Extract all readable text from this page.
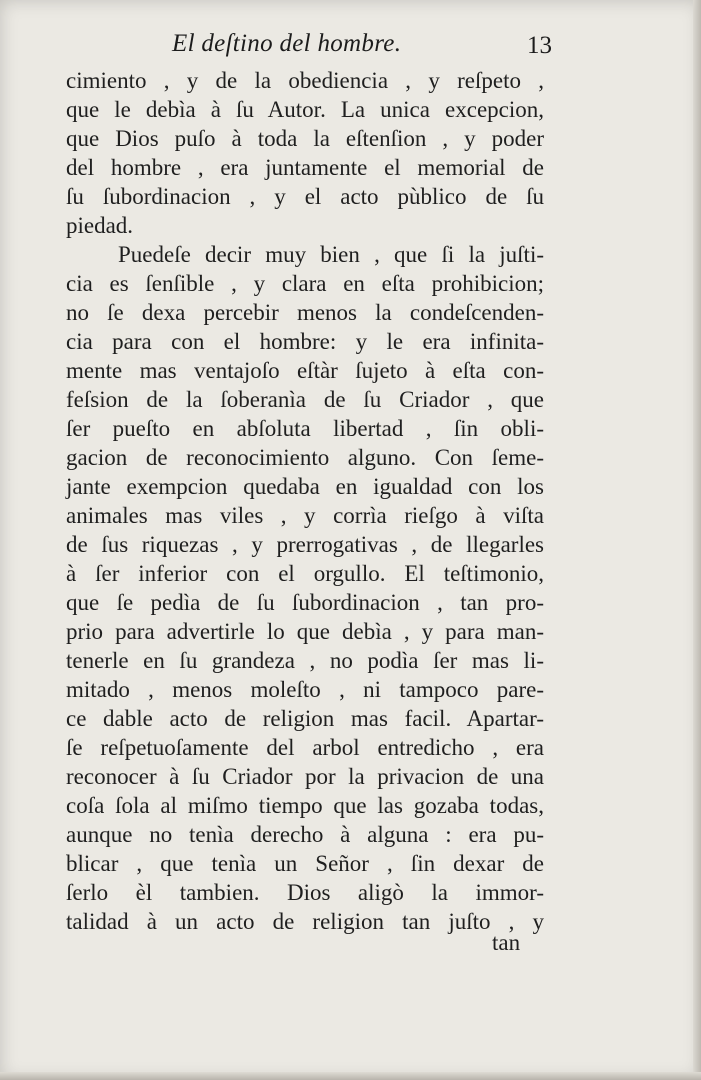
El deſtino del hombre.	13
cimiento , y de la obediencia , y reſpeto ,
que le debìa à ſu Autor. La unica excepcion,
que Dios puſo à toda la eſtenſion , y poder
del hombre , era juntamente el memorial de
ſu ſubordinacion , y el acto pùblico de ſu
piedad.
Puedeſe decir muy bien , que ſi la juſti-
cia es ſenſible , y clara en eſta prohibicion;
no ſe dexa percebir menos la condeſcenden-
cia para con el hombre: y le era infinita-
mente mas ventajoſo eſtàr ſujeto à eſta con-
feſsion de la ſoberanìa de ſu Criador , que
ſer pueſto en abſoluta libertad , ſin obli-
gacion de reconocimiento alguno. Con ſeme-
jante exempcion quedaba en igualdad con los
animales mas viles , y corrìa rieſgo à viſta
de ſus riquezas , y prerrogativas , de llegarles
à ſer inferior con el orgullo. El teſtimonio,
que ſe pedìa de ſu ſubordinacion , tan pro-
prio para advertirle lo que debìa , y para man-
tenerle en ſu grandeza , no podìa ſer mas li-
mitado , menos moleſto , ni tampoco pare-
ce dable acto de religion mas facil. Apartar-
ſe reſpetuoſamente del arbol entredicho , era
reconocer à ſu Criador por la privacion de una
coſa ſola al miſmo tiempo que las gozaba todas,
aunque no tenìa derecho à alguna : era pu-
blicar , que tenìa un Señor , ſin dexar de
ſerlo èl tambien. Dios aligò la immor-
talidad à un acto de religion tan juſto , y
tan
